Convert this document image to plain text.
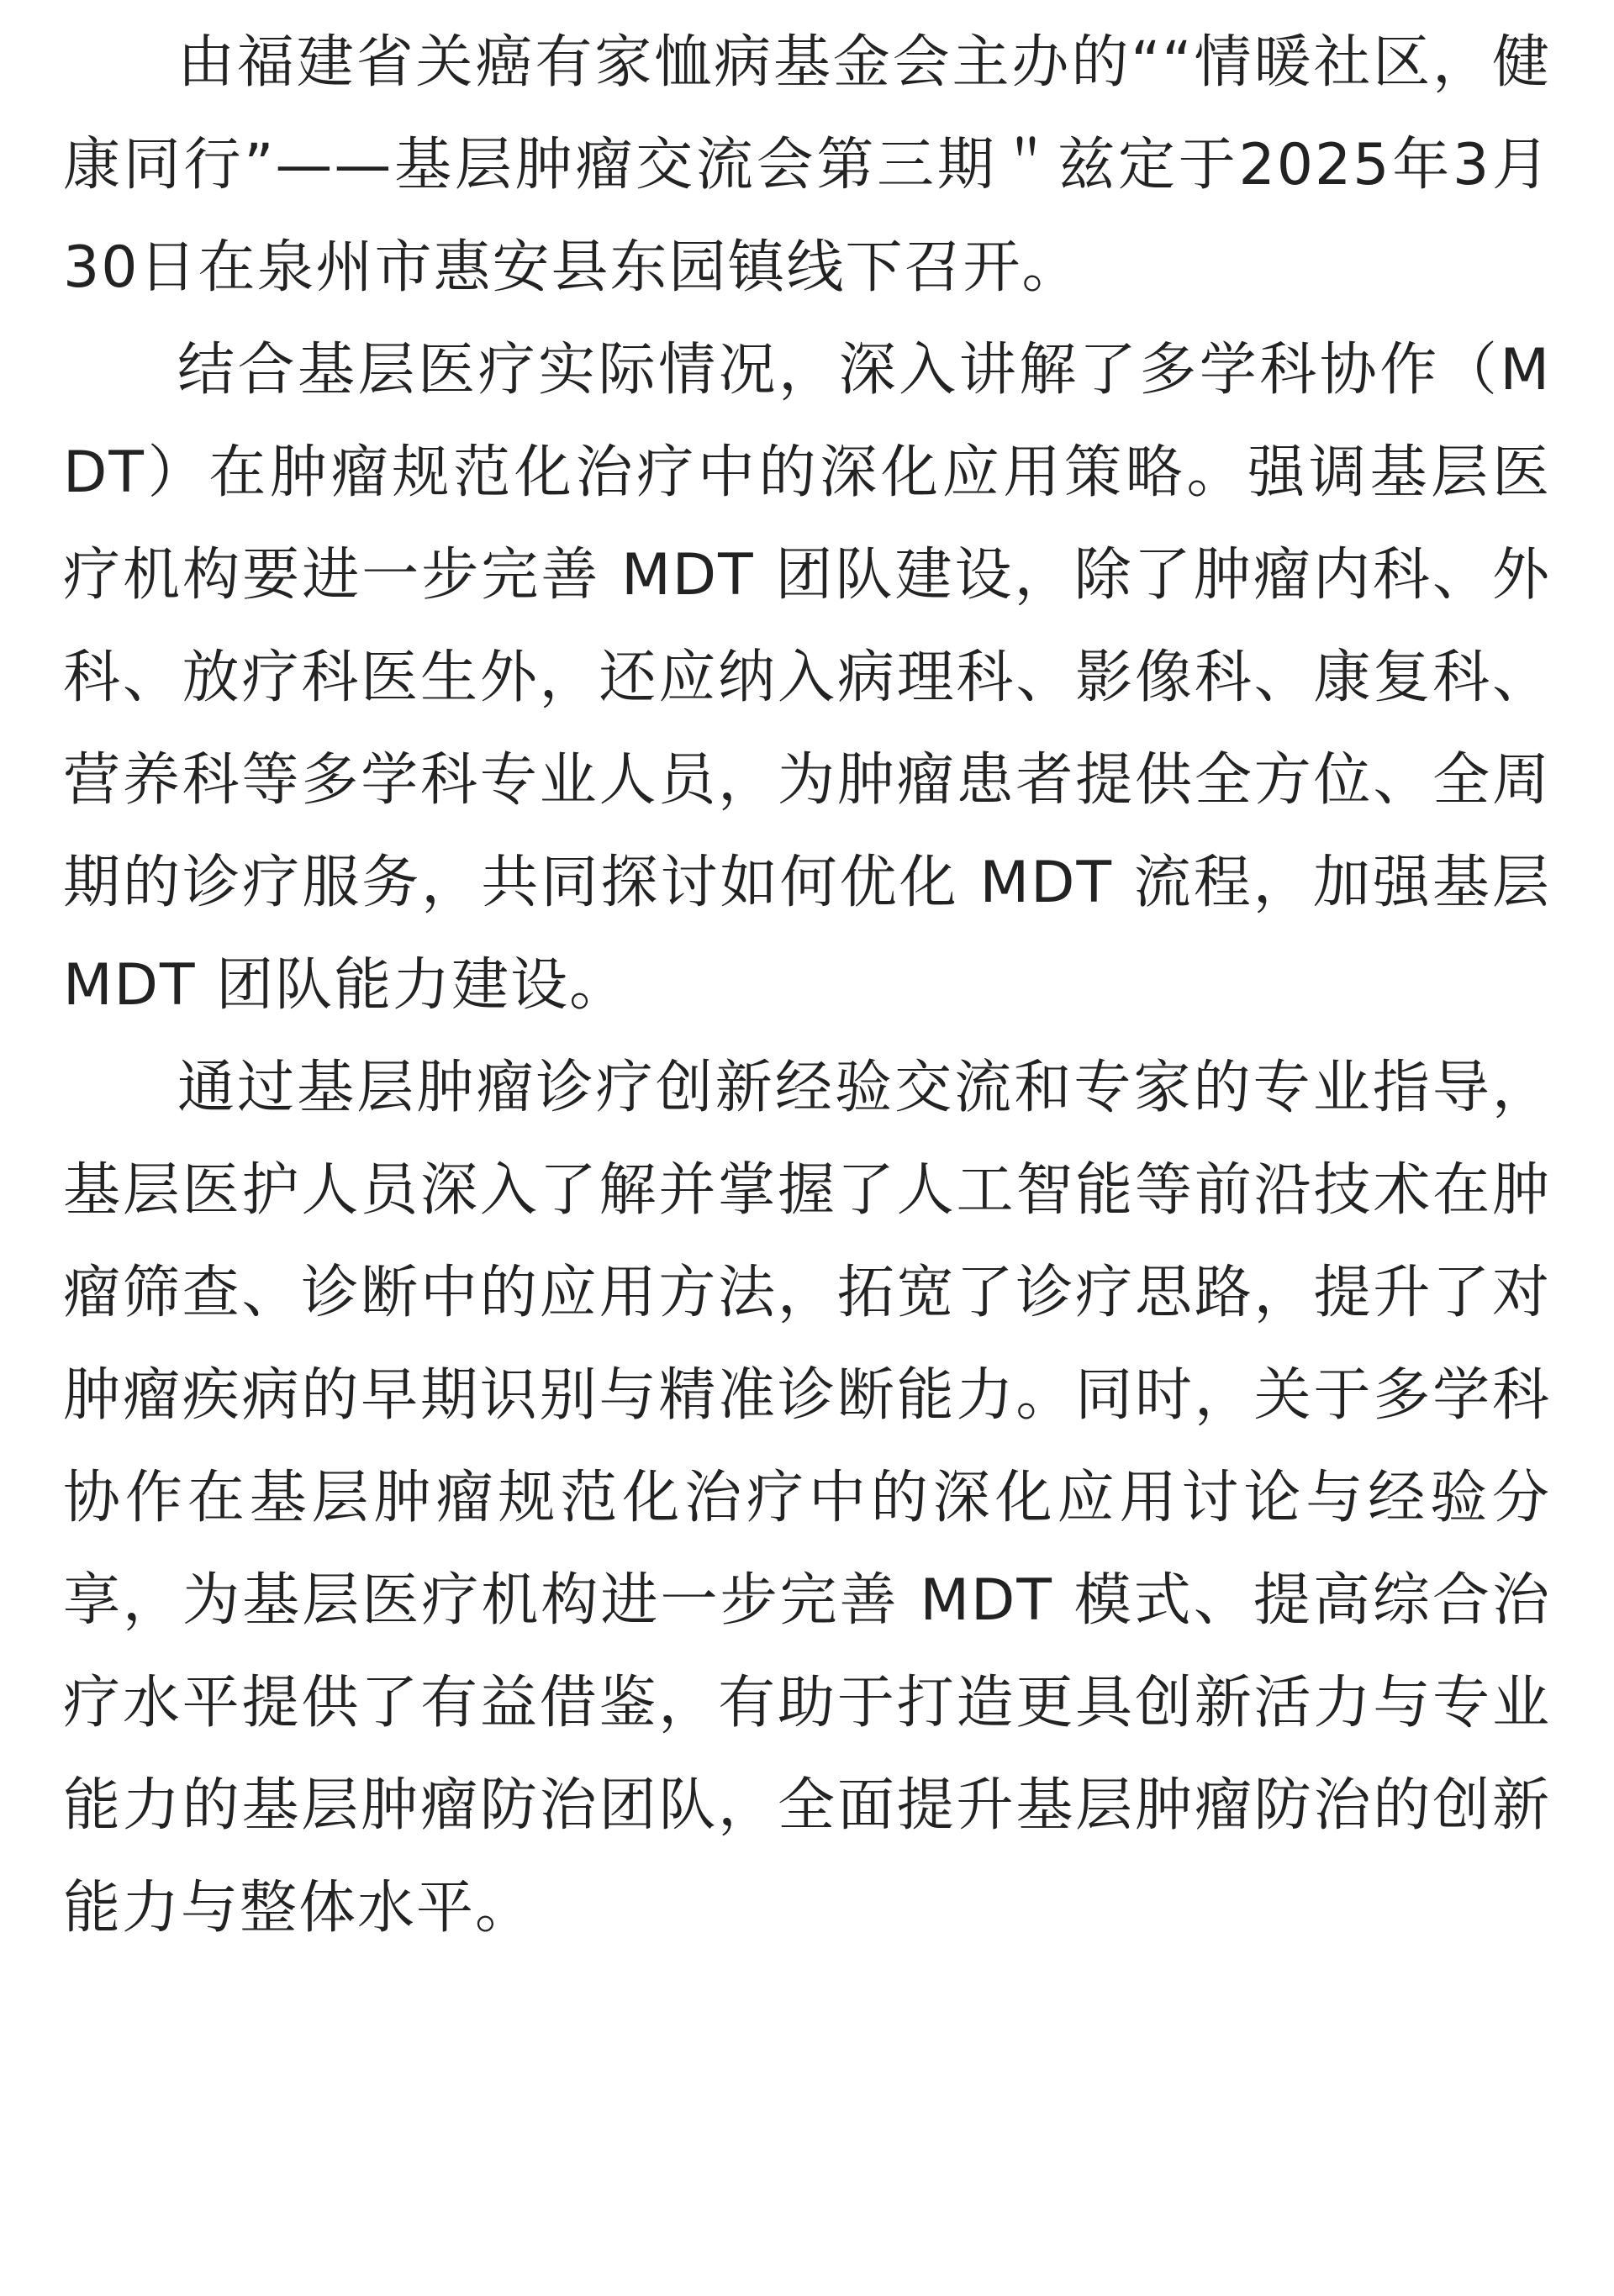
由福建省关癌有家恤病基金会主办的““情暖社区，健康同行”——基层肿瘤交流会第三期＂兹定于2025年3月30日在泉州市惠安县东园镇线下召开。

结合基层医疗实际情况，深入讲解了多学科协作（MDT）在肿瘤规范化治疗中的深化应用策略。强调基层医疗机构要进一步完善 MDT 团队建设，除了肿瘤内科、外科、放疗科医生外，还应纳入病理科、影像科、康复科、营养科等多学科专业人员，为肿瘤患者提供全方位、全周期的诊疗服务，共同探讨如何优化 MDT 流程，加强基层 MDT 团队能力建设。

通过基层肿瘤诊疗创新经验交流和专家的专业指导，基层医护人员深入了解并掌握了人工智能等前沿技术在肿瘤筛查、诊断中的应用方法，拓宽了诊疗思路，提升了对肿瘤疾病的早期识别与精准诊断能力。同时，关于多学科协作在基层肿瘤规范化治疗中的深化应用讨论与经验分享，为基层医疗机构进一步完善 MDT 模式、提高综合治疗水平提供了有益借鉴，有助于打造更具创新活力与专业能力的基层肿瘤防治团队，全面提升基层肿瘤防治的创新能力与整体水平。
